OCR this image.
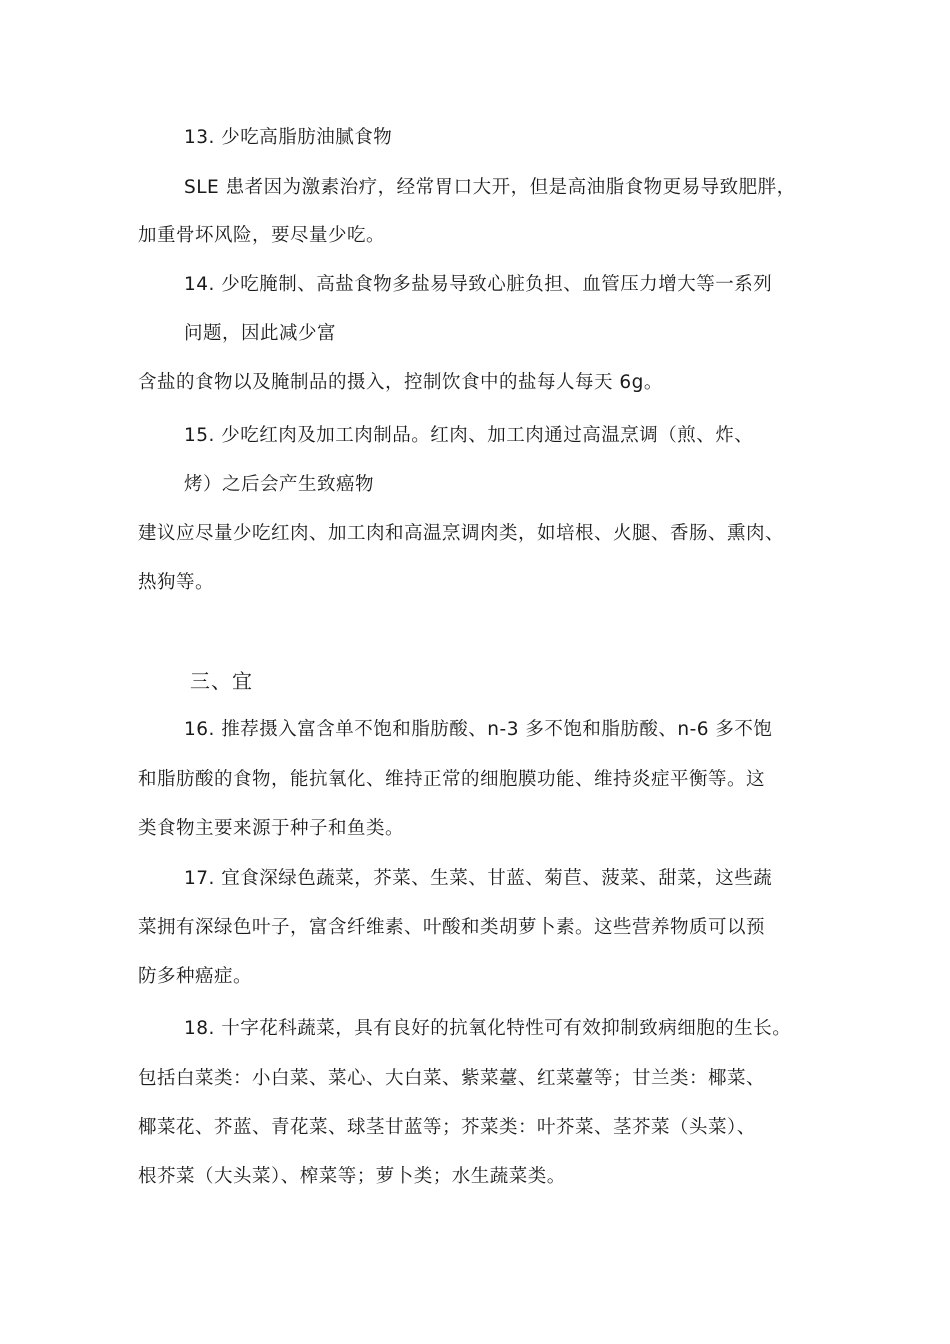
13. 少吃高脂肪油腻食物
SLE 患者因为激素治疗，经常胃口大开，但是高油脂食物更易导致肥胖，
加重骨坏风险，要尽量少吃。
14. 少吃腌制、高盐食物多盐易导致心脏负担、血管压力增大等一系列
问题，因此减少富
含盐的食物以及腌制品的摄入，控制饮食中的盐每人每天 6g。
15. 少吃红肉及加工肉制品。红肉、加工肉通过高温烹调（煎、炸、
烤）之后会产生致癌物
建议应尽量少吃红肉、加工肉和高温烹调肉类，如培根、火腿、香肠、熏肉、
热狗等。
三、宜
16. 推荐摄入富含单不饱和脂肪酸、n-3 多不饱和脂肪酸、n-6 多不饱
和脂肪酸的食物，能抗氧化、维持正常的细胞膜功能、维持炎症平衡等。这
类食物主要来源于种子和鱼类。
17. 宜食深绿色蔬菜，芥菜、生菜、甘蓝、菊苣、菠菜、甜菜，这些蔬
菜拥有深绿色叶子，富含纤维素、叶酸和类胡萝卜素。这些营养物质可以预
防多种癌症。
18. 十字花科蔬菜，具有良好的抗氧化特性可有效抑制致病细胞的生长。
包括白菜类：小白菜、菜心、大白菜、紫菜薹、红菜薹等；甘兰类：椰菜、
椰菜花、芥蓝、青花菜、球茎甘蓝等；芥菜类：叶芥菜、茎芥菜（头菜）、
根芥菜（大头菜）、榨菜等；萝卜类；水生蔬菜类。
